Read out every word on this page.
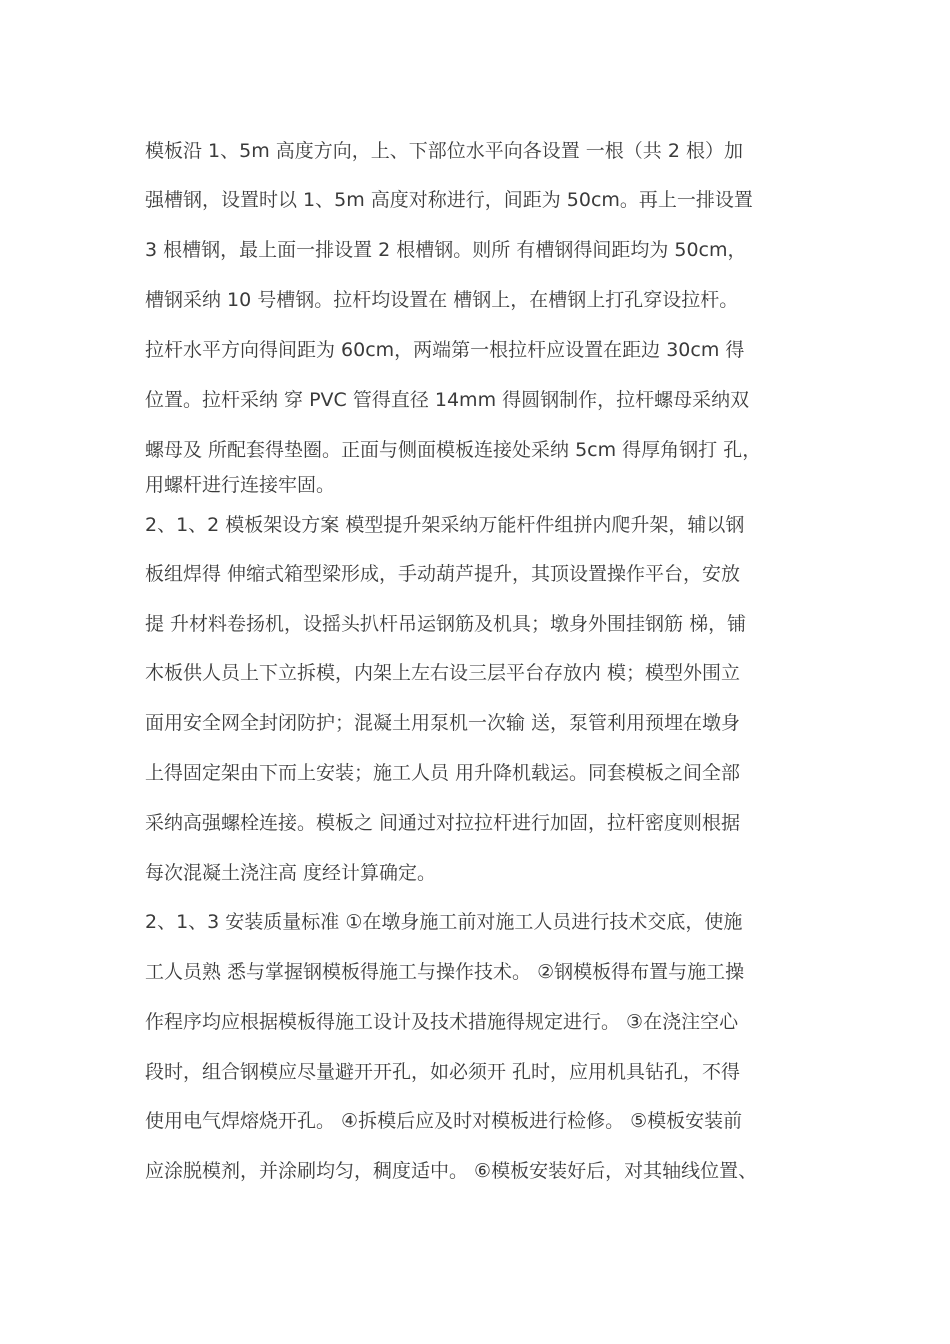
模板沿 1、5m 高度方向，上、下部位水平向各设置 一根（共 2 根）加
强槽钢，设置时以 1、5m 高度对称进行，间距为 50cm。再上一排设置
3 根槽钢，最上面一排设置 2 根槽钢。则所 有槽钢得间距均为 50cm，
槽钢采纳 10 号槽钢。拉杆均设置在 槽钢上，在槽钢上打孔穿设拉杆。
拉杆水平方向得间距为 60cm，两端第一根拉杆应设置在距边 30cm 得
位置。拉杆采纳 穿 PVC 管得直径 14mm 得圆钢制作，拉杆螺母采纳双
螺母及 所配套得垫圈。正面与侧面模板连接处采纳 5cm 得厚角钢打 孔，
用螺杆进行连接牢固。
2、1、2 模板架设方案 模型提升架采纳万能杆件组拼内爬升架，辅以钢
板组焊得 伸缩式箱型梁形成，手动葫芦提升，其顶设置操作平台，安放
提 升材料卷扬机，设摇头扒杆吊运钢筋及机具；墩身外围挂钢筋 梯，铺
木板供人员上下立拆模，内架上左右设三层平台存放内 模；模型外围立
面用安全网全封闭防护；混凝土用泵机一次输 送，泵管利用预埋在墩身
上得固定架由下而上安装；施工人员 用升降机载运。同套模板之间全部
采纳高强螺栓连接。模板之 间通过对拉拉杆进行加固，拉杆密度则根据
每次混凝土浇注高 度经计算确定。
2、1、3 安装质量标准 ①在墩身施工前对施工人员进行技术交底，使施
工人员熟 悉与掌握钢模板得施工与操作技术。 ②钢模板得布置与施工操
作程序均应根据模板得施工设计及技术措施得规定进行。 ③在浇注空心
段时，组合钢模应尽量避开开孔，如必须开 孔时，应用机具钻孔，不得
使用电气焊熔烧开孔。 ④拆模后应及时对模板进行检修。 ⑤模板安装前
应涂脱模剂，并涂刷均匀，稠度适中。 ⑥模板安装好后，对其轴线位置、
